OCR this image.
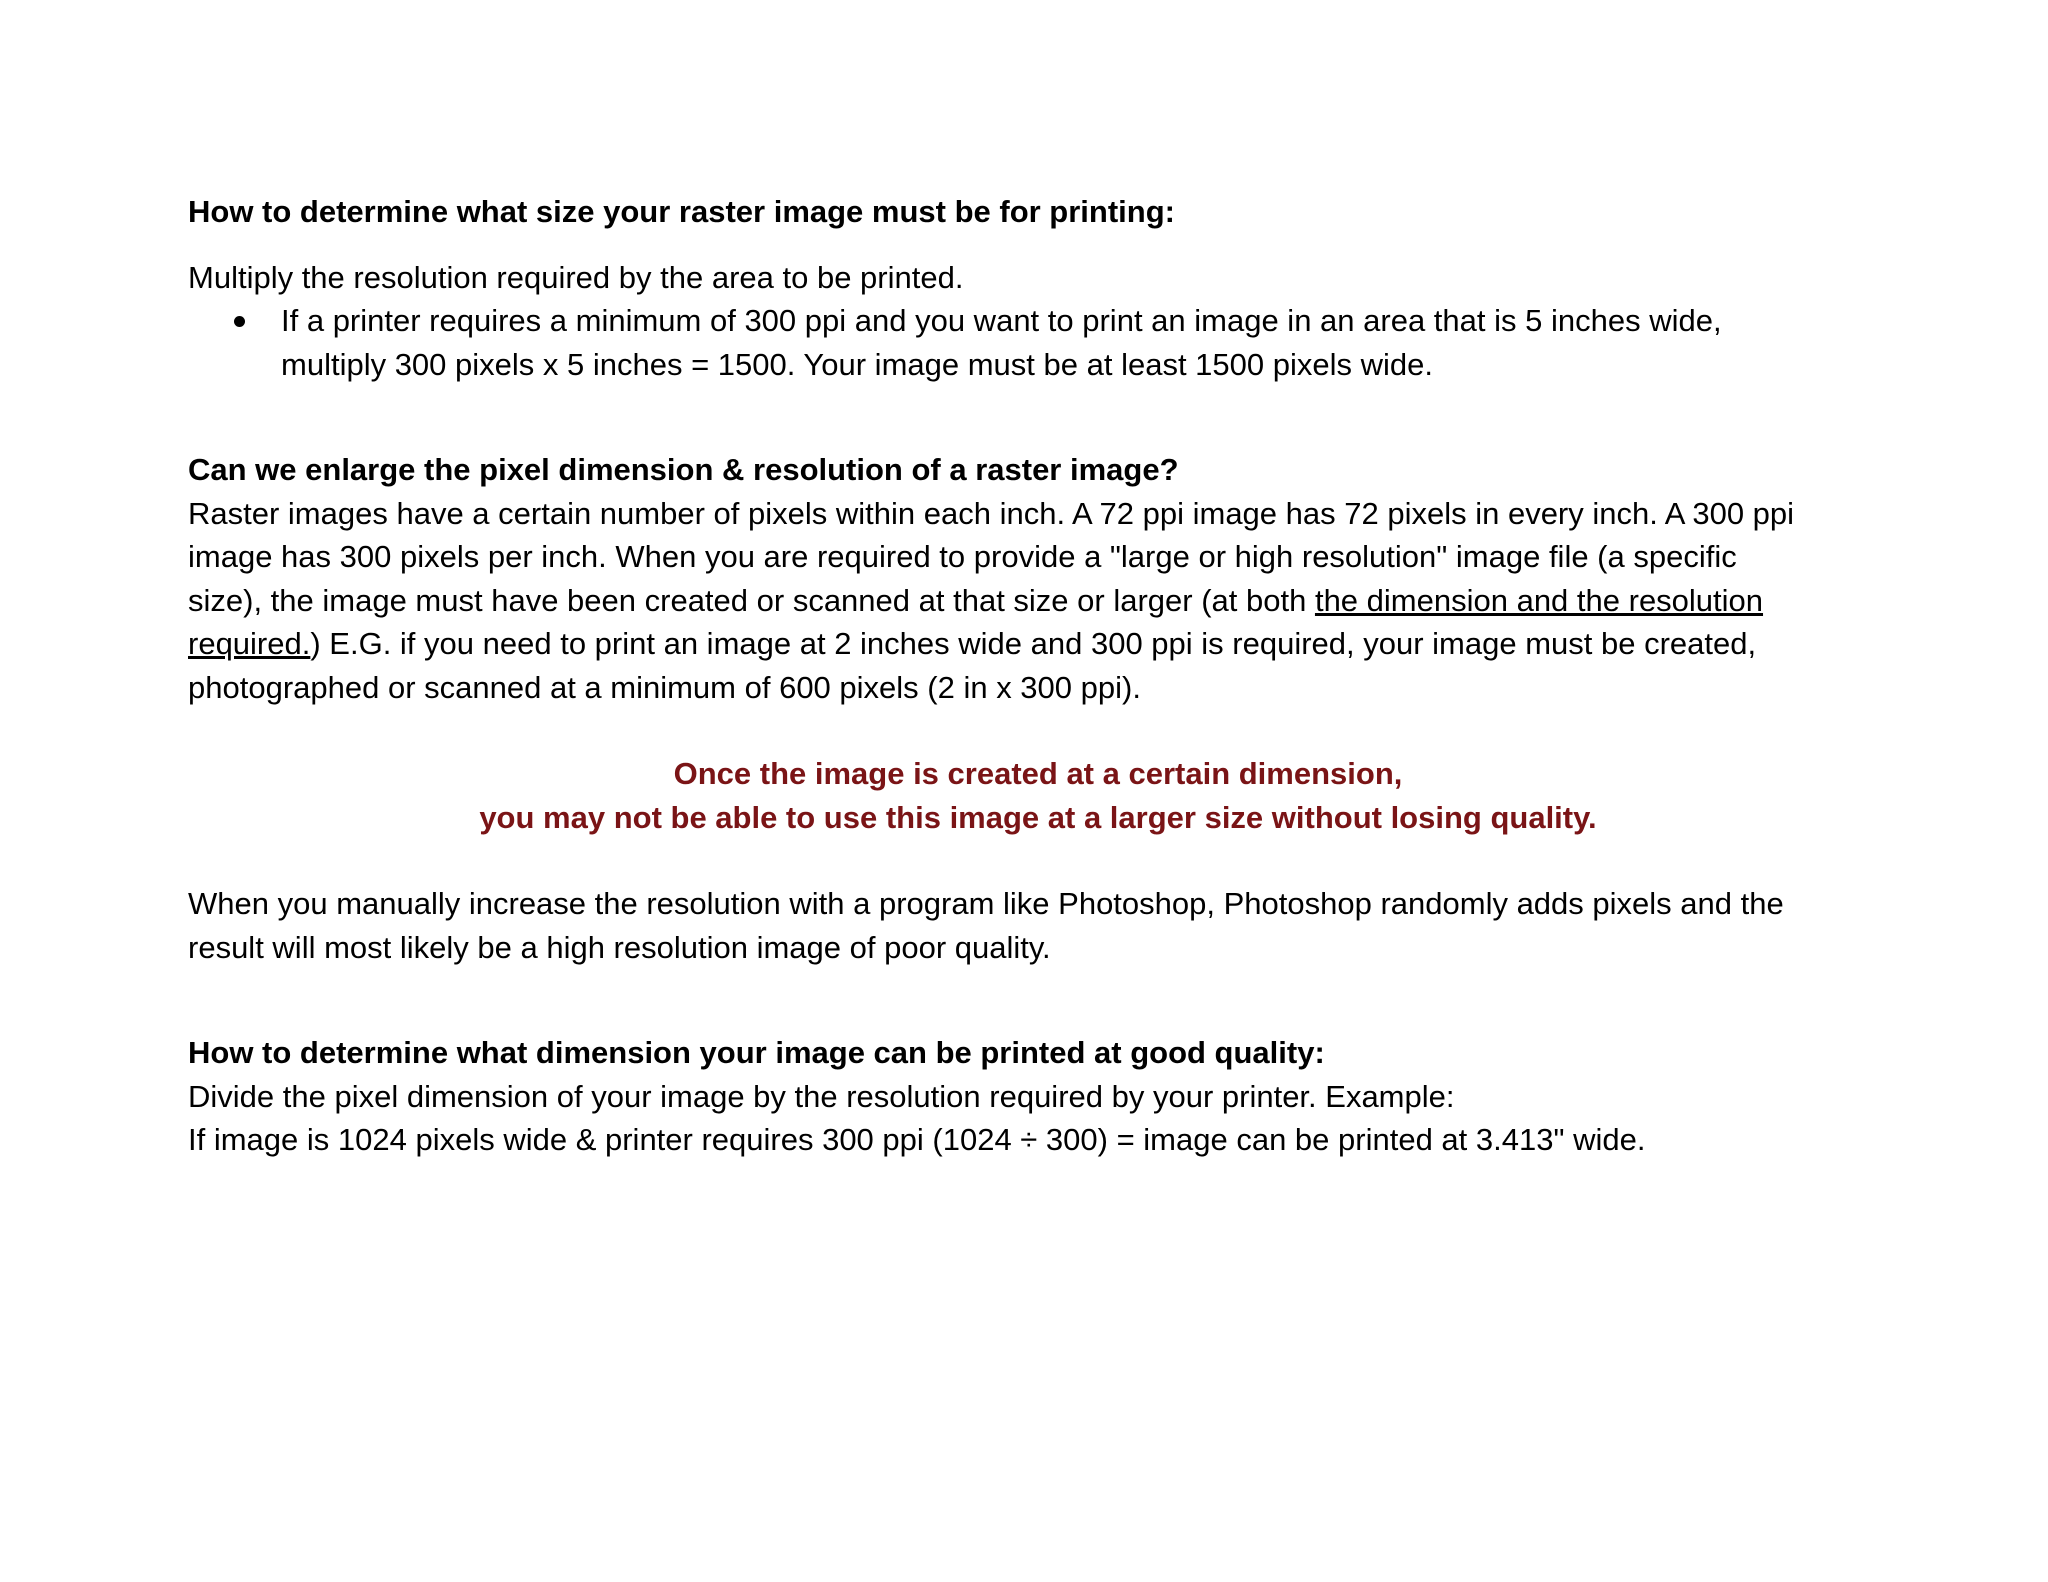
How to determine what size your raster image must be for printing:

Multiply the resolution required by the area to be printed.

If a printer requires a minimum of 300 ppi and you want to print an image in an area that is 5 inches wide,
multiply 300 pixels x 5 inches = 1500. Your image must be at least 1500 pixels wide.

Can we enlarge the pixel dimension & resolution of a raster image?

Raster images have a certain number of pixels within each inch. A 72 ppi image has 72 pixels in every inch. A 300 ppi
image has 300 pixels per inch. When you are required to provide a "large or high resolution" image file (a specific
size), the image must have been created or scanned at that size or larger (at both the dimension and the resolution
required.) E.G. if you need to print an image at 2 inches wide and 300 ppi is required, your image must be created,
photographed or scanned at a minimum of 600 pixels (2 in x 300 ppi).

Once the image is created at a certain dimension,
you may not be able to use this image at a larger size without losing quality.

When you manually increase the resolution with a program like Photoshop, Photoshop randomly adds pixels and the
result will most likely be a high resolution image of poor quality.

How to determine what dimension your image can be printed at good quality:

Divide the pixel dimension of your image by the resolution required by your printer. Example:
If image is 1024 pixels wide & printer requires 300 ppi (1024 ÷ 300) = image can be printed at 3.413" wide.
